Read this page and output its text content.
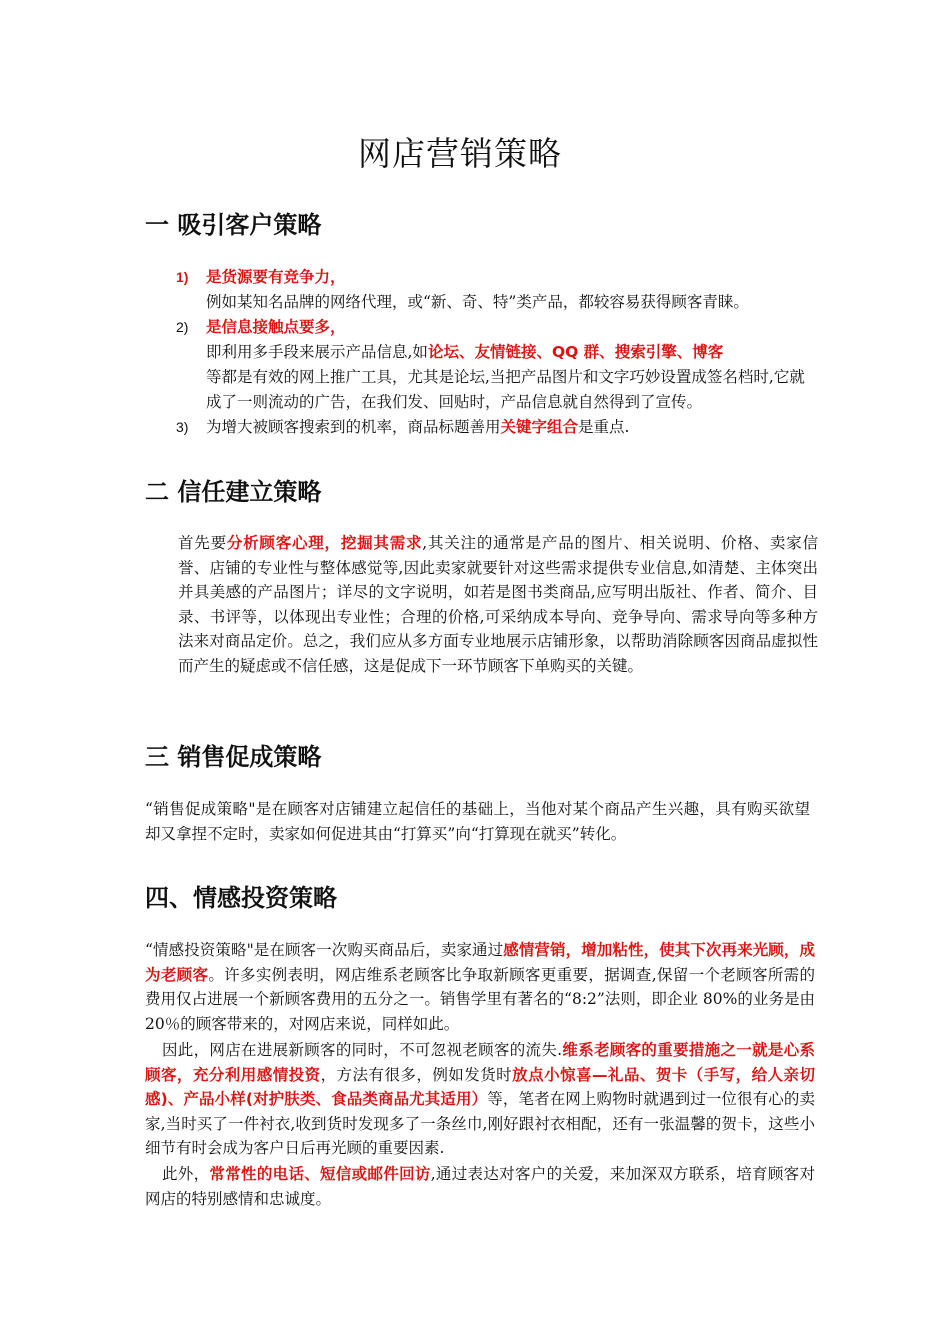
网店营销策略
一 吸引客户策略
1) 是货源要有竞争力，
例如某知名品牌的网络代理，或“新、奇、特”类产品，都较容易获得顾客青睐。
2) 是信息接触点要多，
即利用多手段来展示产品信息,如论坛、友情链接、QQ 群、搜索引擎、博客
等都是有效的网上推广工具，尤其是论坛,当把产品图片和文字巧妙设置成签名档时,它就成了一则流动的广告，在我们发、回贴时，产品信息就自然得到了宣传。
3) 为增大被顾客搜索到的机率，商品标题善用关键字组合是重点.
二 信任建立策略
首先要分析顾客心理，挖掘其需求,其关注的通常是产品的图片、相关说明、价格、卖家信誉、店铺的专业性与整体感觉等,因此卖家就要针对这些需求提供专业信息,如清楚、主体突出并具美感的产品图片；详尽的文字说明，如若是图书类商品,应写明出版社、作者、简介、目录、书评等，以体现出专业性；合理的价格,可采纳成本导向、竞争导向、需求导向等多种方法来对商品定价。总之，我们应从多方面专业地展示店铺形象，以帮助消除顾客因商品虚拟性而产生的疑虑或不信任感，这是促成下一环节顾客下单购买的关键。
三 销售促成策略
“销售促成策略"是在顾客对店铺建立起信任的基础上，当他对某个商品产生兴趣，具有购买欲望却又拿捏不定时，卖家如何促进其由“打算买”向“打算现在就买”转化。
四、情感投资策略
“情感投资策略"是在顾客一次购买商品后，卖家通过感情营销，增加粘性，使其下次再来光顾，成为老顾客。许多实例表明，网店维系老顾客比争取新顾客更重要，据调查,保留一个老顾客所需的费用仅占进展一个新顾客费用的五分之一。销售学里有著名的“8:2”法则，即企业 80%的业务是由 20％的顾客带来的，对网店来说，同样如此。
因此，网店在进展新顾客的同时，不可忽视老顾客的流失.维系老顾客的重要措施之一就是心系顾客，充分利用感情投资，方法有很多，例如发货时放点小惊喜—礼品、贺卡（手写，给人亲切感)、产品小样(对护肤类、食品类商品尤其适用）等，笔者在网上购物时就遇到过一位很有心的卖家,当时买了一件衬衣,收到货时发现多了一条丝巾,刚好跟衬衣相配，还有一张温馨的贺卡，这些小细节有时会成为客户日后再光顾的重要因素.
此外，常常性的电话、短信或邮件回访,通过表达对客户的关爱，来加深双方联系，培育顾客对网店的特别感情和忠诚度。
